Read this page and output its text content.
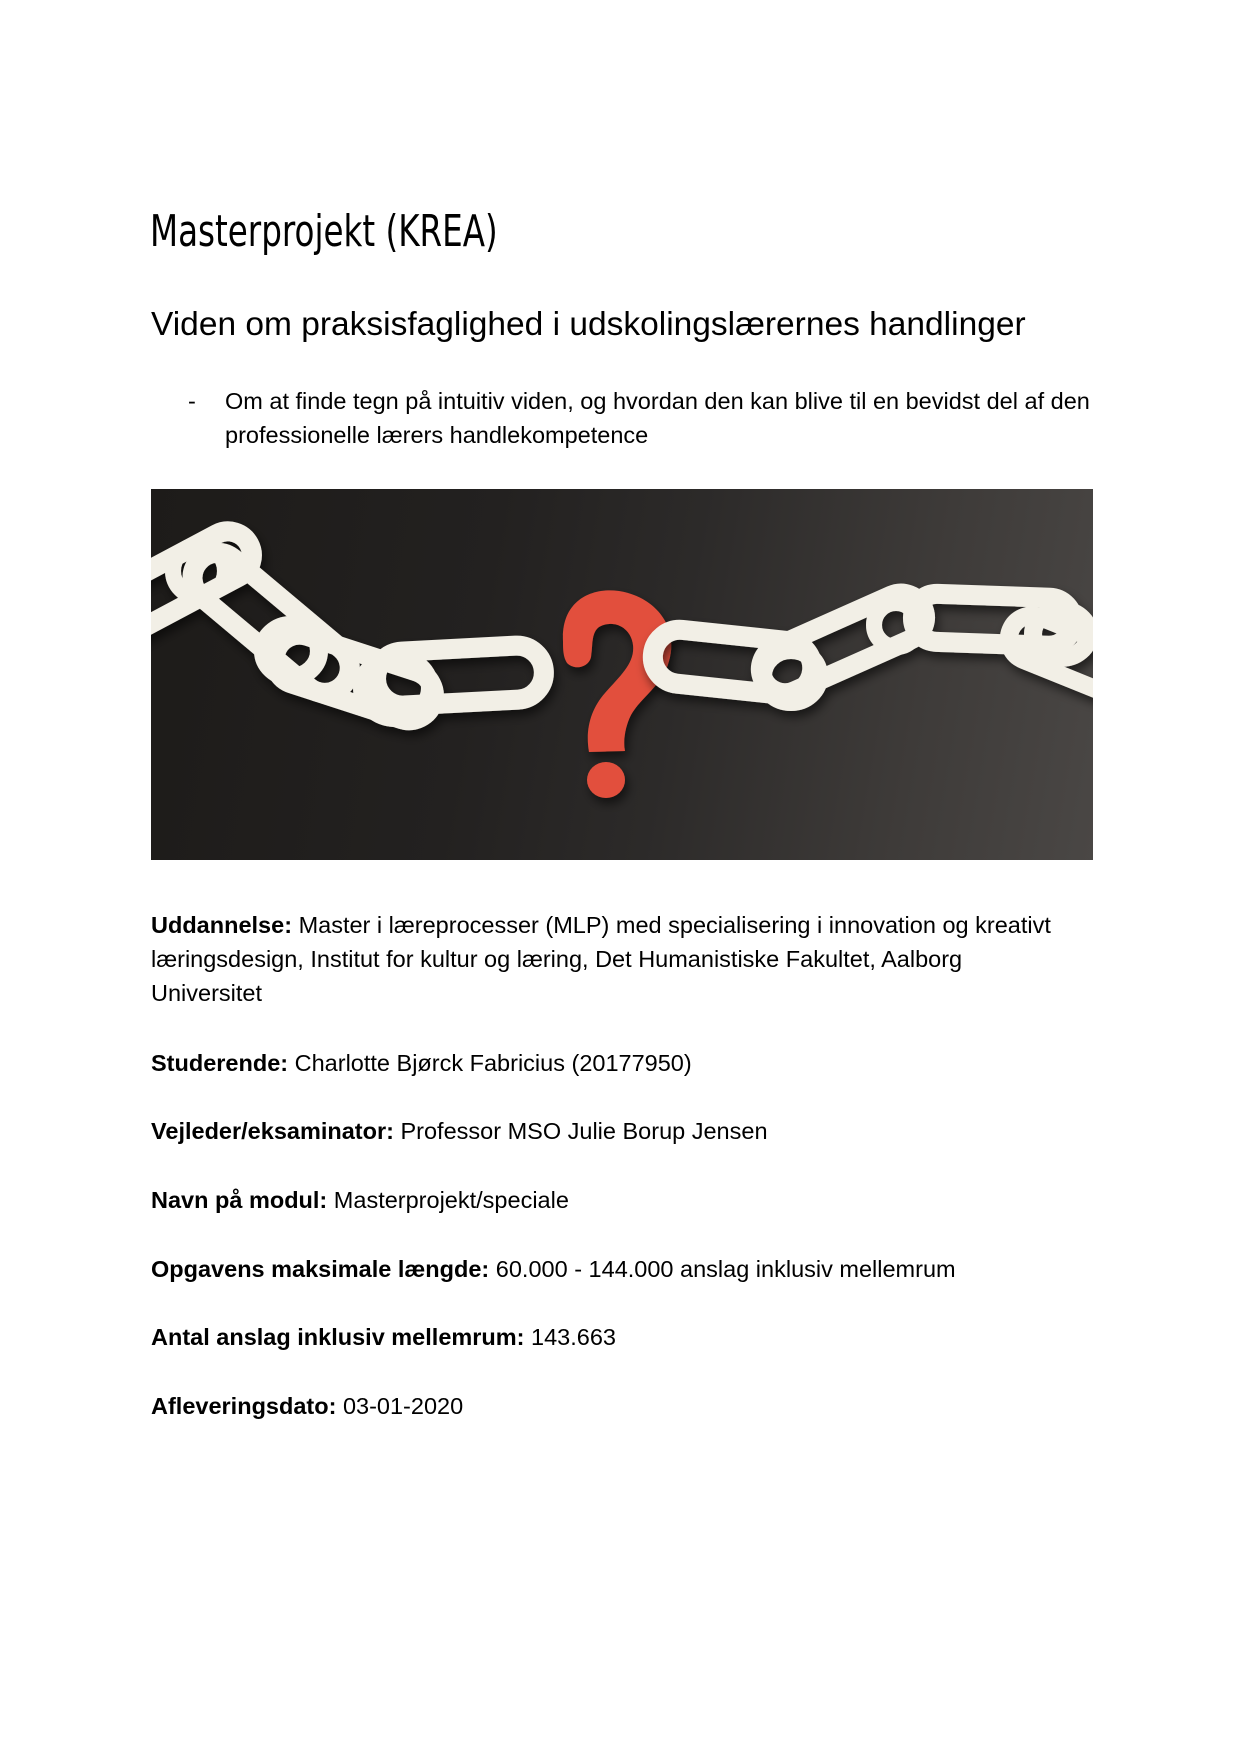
Masterprojekt (KREA)
Viden om praksisfaglighed i udskolingslærernes handlinger
- Om at finde tegn på intuitiv viden, og hvordan den kan blive til en bevidst del af den professionelle lærers handlekompetence
Uddannelse: Master i læreprocesser (MLP) med specialisering i innovation og kreativt læringsdesign, Institut for kultur og læring, Det Humanistiske Fakultet, Aalborg Universitet
Studerende: Charlotte Bjørck Fabricius (20177950)
Vejleder/eksaminator: Professor MSO Julie Borup Jensen
Navn på modul: Masterprojekt/speciale
Opgavens maksimale længde: 60.000 - 144.000 anslag inklusiv mellemrum
Antal anslag inklusiv mellemrum: 143.663
Afleveringsdato: 03-01-2020
